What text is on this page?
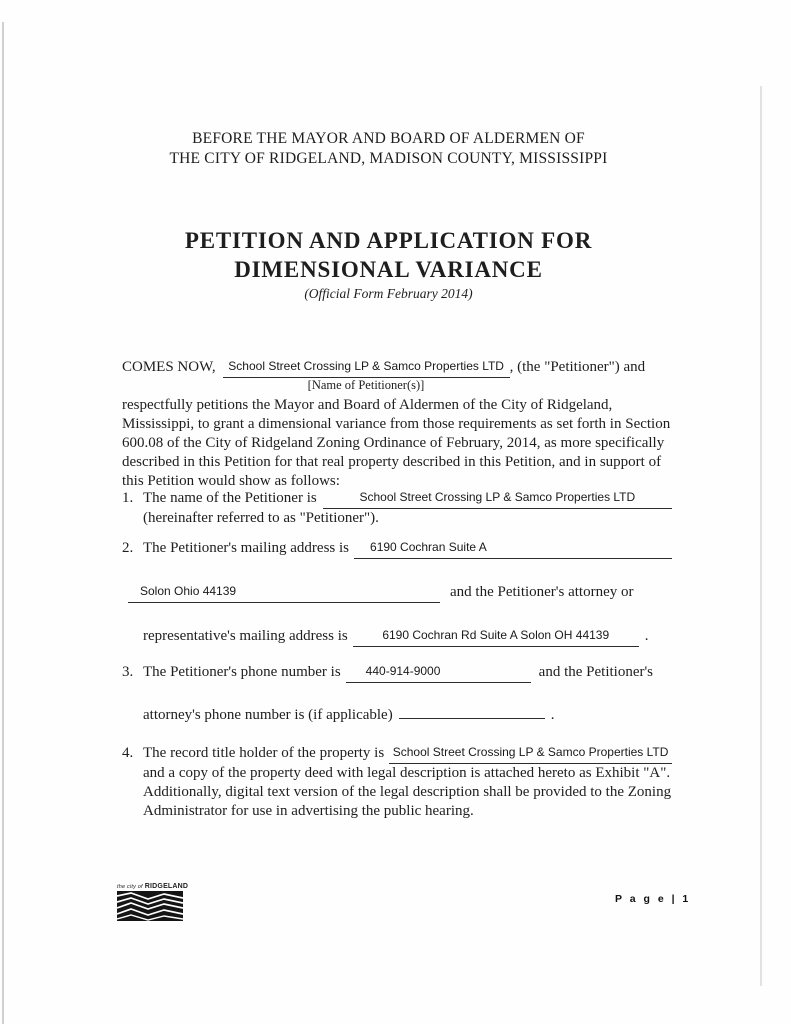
BEFORE THE MAYOR AND BOARD OF ALDERMEN OF
THE CITY OF RIDGELAND, MADISON COUNTY, MISSISSIPPI
PETITION AND APPLICATION FOR
DIMENSIONAL VARIANCE
(Official Form February 2014)
COMES NOW,	School Street Crossing LP & Samco Properties LTD , (the "Petitioner") and
[Name of Petitioner(s)]

respectfully petitions the Mayor and Board of Aldermen of the City of Ridgeland, Mississippi, to grant a dimensional variance from those requirements as set forth in Section 600.08 of the City of Ridgeland Zoning Ordinance of February, 2014, as more specifically described in this Petition for that real property described in this Petition, and in support of this Petition would show as follows:

1. The name of the Petitioner is	School Street Crossing LP & Samco Properties LTD
(hereinafter referred to as "Petitioner").
2. The Petitioner's mailing address is	6190 Cochran Suite A
Solon Ohio 44139	and the Petitioner's attorney or
representative's mailing address is	6190 Cochran Rd Suite A Solon OH 44139	.
3. The Petitioner's phone number is	440-914-9000	and the Petitioner's
attorney's phone number is (if applicable)	.
4. The record title holder of the property is School Street Crossing LP & Samco Properties LTD
and a copy of the property deed with legal description is attached hereto as Exhibit "A". Additionally, digital text version of the legal description shall be provided to the Zoning Administrator for use in advertising the public hearing.
the city of RIDGELAND
P a g e | 1
